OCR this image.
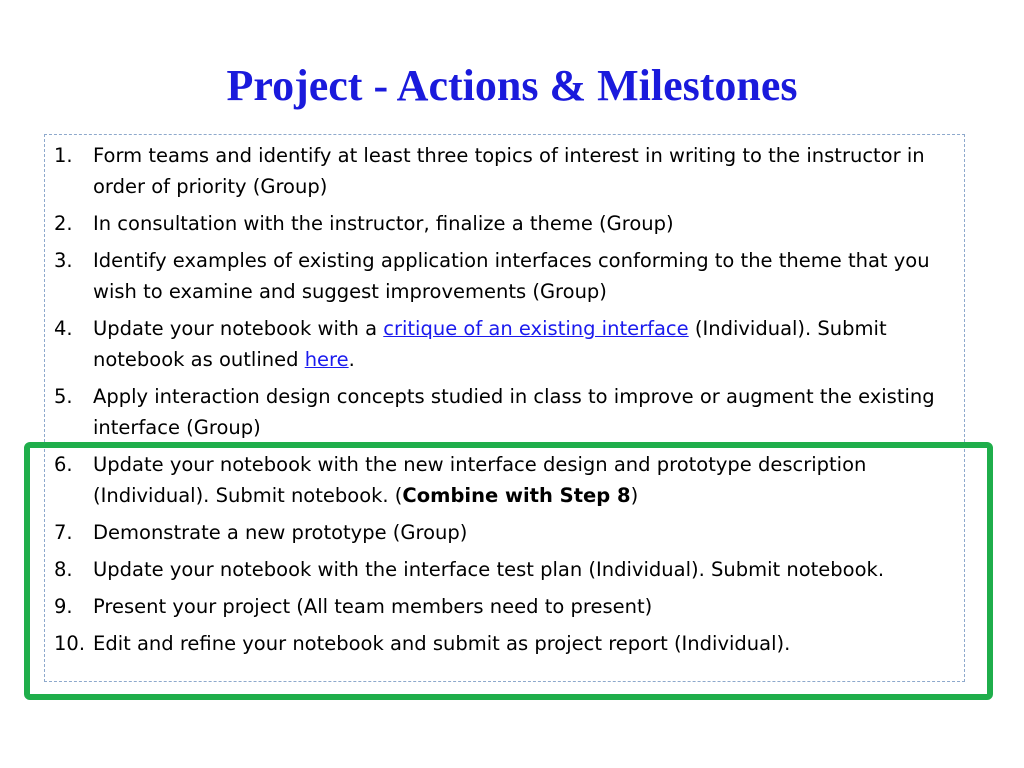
Project - Actions & Milestones
1. Form teams and identify at least three topics of interest in writing to the instructor in order of priority (Group)
2. In consultation with the instructor, finalize a theme (Group)
3. Identify examples of existing application interfaces conforming to the theme that you wish to examine and suggest improvements (Group)
4. Update your notebook with a critique of an existing interface (Individual). Submit notebook as outlined here.
5. Apply interaction design concepts studied in class to improve or augment the existing interface (Group)
6. Update your notebook with the new interface design and prototype description (Individual). Submit notebook. (Combine with Step 8)
7. Demonstrate a new prototype (Group)
8. Update your notebook with the interface test plan (Individual). Submit notebook.
9. Present your project (All team members need to present)
10. Edit and refine your notebook and submit as project report (Individual).
